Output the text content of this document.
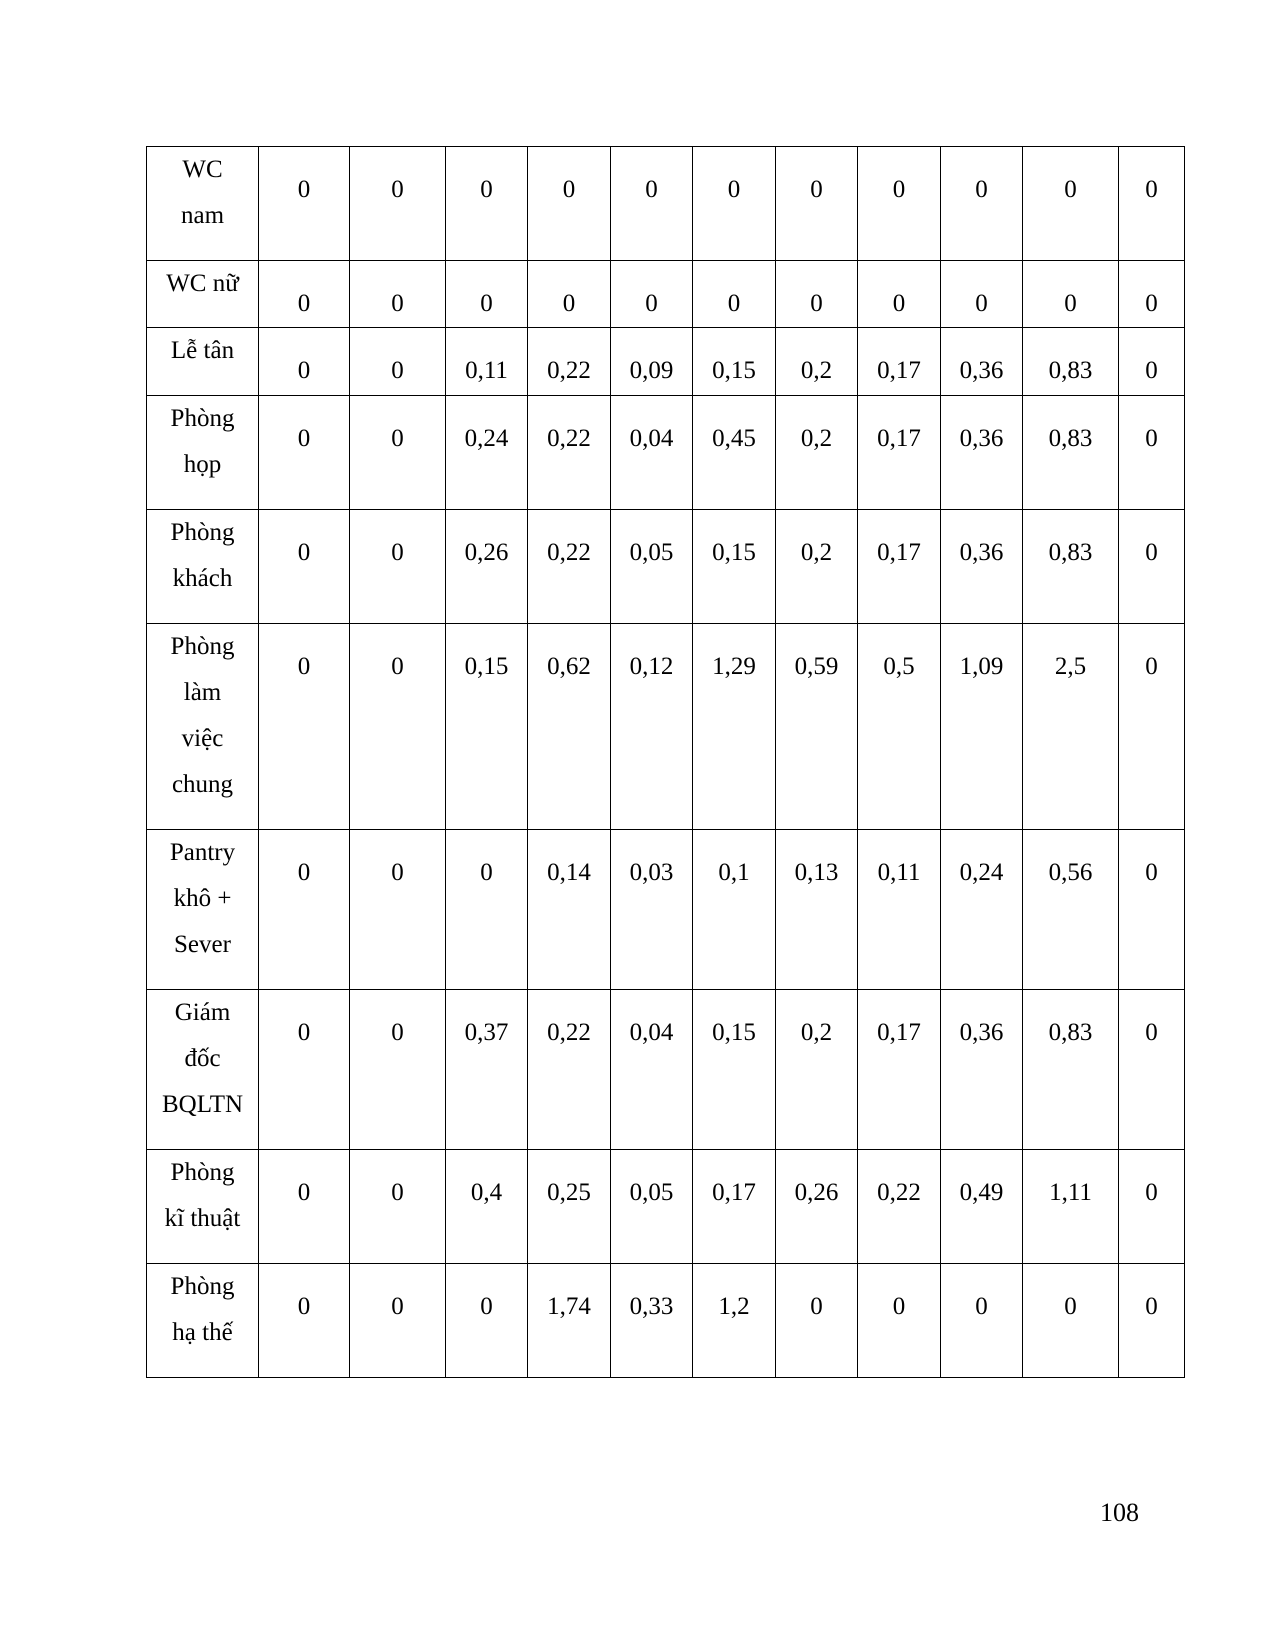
WC
nam	0	0	0	0	0	0	0	0	0	0	0

WC nữ	0	0	0	0	0	0	0	0	0	0	0

Lễ tân	0	0	0,11	0,22	0,09	0,15	0,2	0,17	0,36	0,83	0

Phòng
họp	0	0	0,24	0,22	0,04	0,45	0,2	0,17	0,36	0,83	0

Phòng
khách	0	0	0,26	0,22	0,05	0,15	0,2	0,17	0,36	0,83	0

Phòng
làm
việc
chung	0	0	0,15	0,62	0,12	1,29	0,59	0,5	1,09	2,5	0

Pantry
khô +
Sever	0	0	0	0,14	0,03	0,1	0,13	0,11	0,24	0,56	0

Giám
đốc
BQLTN	0	0	0,37	0,22	0,04	0,15	0,2	0,17	0,36	0,83	0

Phòng
kĩ thuật	0	0	0,4	0,25	0,05	0,17	0,26	0,22	0,49	1,11	0

Phòng
hạ thế	0	0	0	1,74	0,33	1,2	0	0	0	0	0
108
